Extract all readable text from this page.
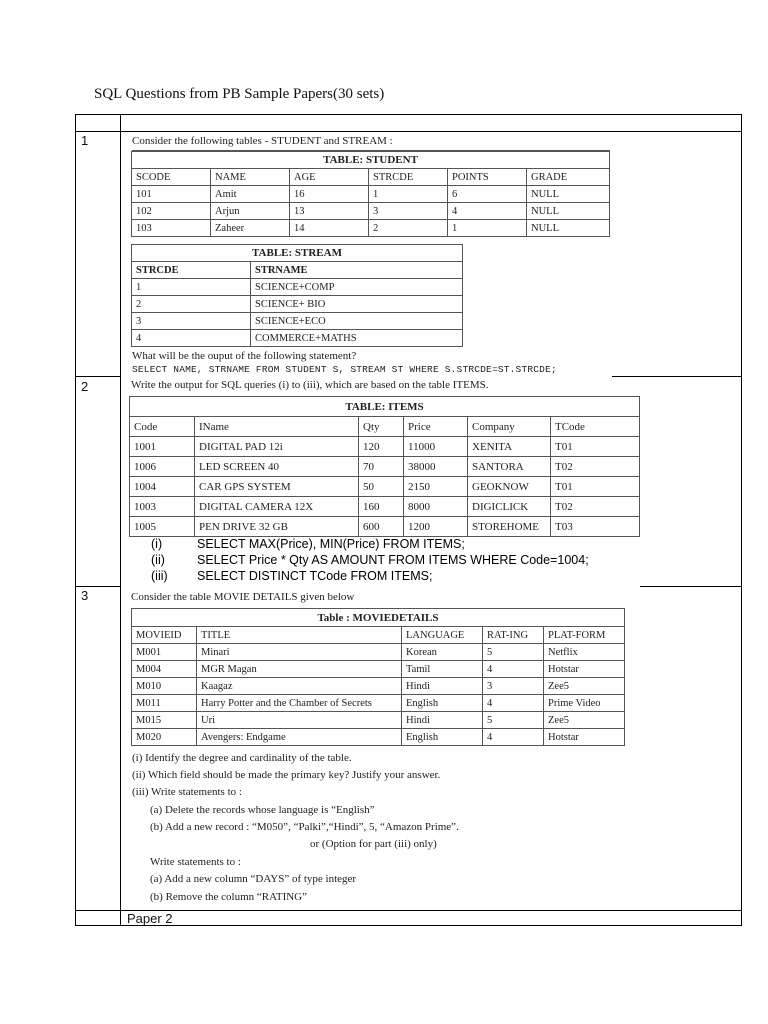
SQL Questions from PB Sample Papers(30 sets)
1	Consider the following tables - STUDENT and STREAM :
TABLE: STUDENT					
SCODE	NAME	AGE	STRCDE	POINTS	GRADE
101	Amit	16	1	6	NULL
102	Arjun	13	3	4	NULL
103	Zaheer	14	2	1	NULL
TABLE: STREAM	
STRCDE	STRNAME
1	SCIENCE+COMP
2	SCIENCE+ BIO
3	SCIENCE+ECO
4	COMMERCE+MATHS
What will be the ouput of the following statement?
SELECT NAME, STRNAME FROM STUDENT S, STREAM ST WHERE S.STRCDE=ST.STRCDE;
2	Write the output for SQL queries (i) to (iii), which are based on the table ITEMS.
TABLE: ITEMS					
Code	IName	Qty	Price	Company	TCode
1001	DIGITAL PAD 12i	120	11000	XENITA	T01
1006	LED SCREEN 40	70	38000	SANTORA	T02
1004	CAR GPS SYSTEM	50	2150	GEOKNOW	T01
1003	DIGITAL CAMERA 12X	160	8000	DIGICLICK	T02
1005	PEN DRIVE 32 GB	600	1200	STOREHOME	T03
(i)	SELECT MAX(Price), MIN(Price) FROM ITEMS;
(ii)	SELECT Price * Qty AS AMOUNT FROM ITEMS WHERE Code=1004;
(iii) SELECT DISTINCT TCode FROM ITEMS;
3	Consider the table MOVIE DETAILS given below
Table : MOVIEDETAILS				
MOVIEID	TITLE	LANGUAGE	RAT-ING	PLAT-FORM
M001	Minari	Korean	5	Netflix
M004	MGR Magan	Tamil	4	Hotstar
M010	Kaagaz	Hindi	3	Zee5
M011	Harry Potter and the Chamber of Secrets	English	4	Prime Video
M015	Uri	Hindi	5	Zee5
M020	Avengers: Endgame	English	4	Hotstar
(i) Identify the degree and cardinality of the table.
(ii) Which field should be made the primary key? Justify your answer.
(iii) Write statements to :
(a) Delete the records whose language is “English”
(b) Add a new record : “M050”, “Palki”,“Hindi”, 5, “Amazon Prime”.
or (Option for part (iii) only)
Write statements to :
(a) Add a new column “DAYS” of type integer
(b) Remove the column “RATING”
Paper 2
